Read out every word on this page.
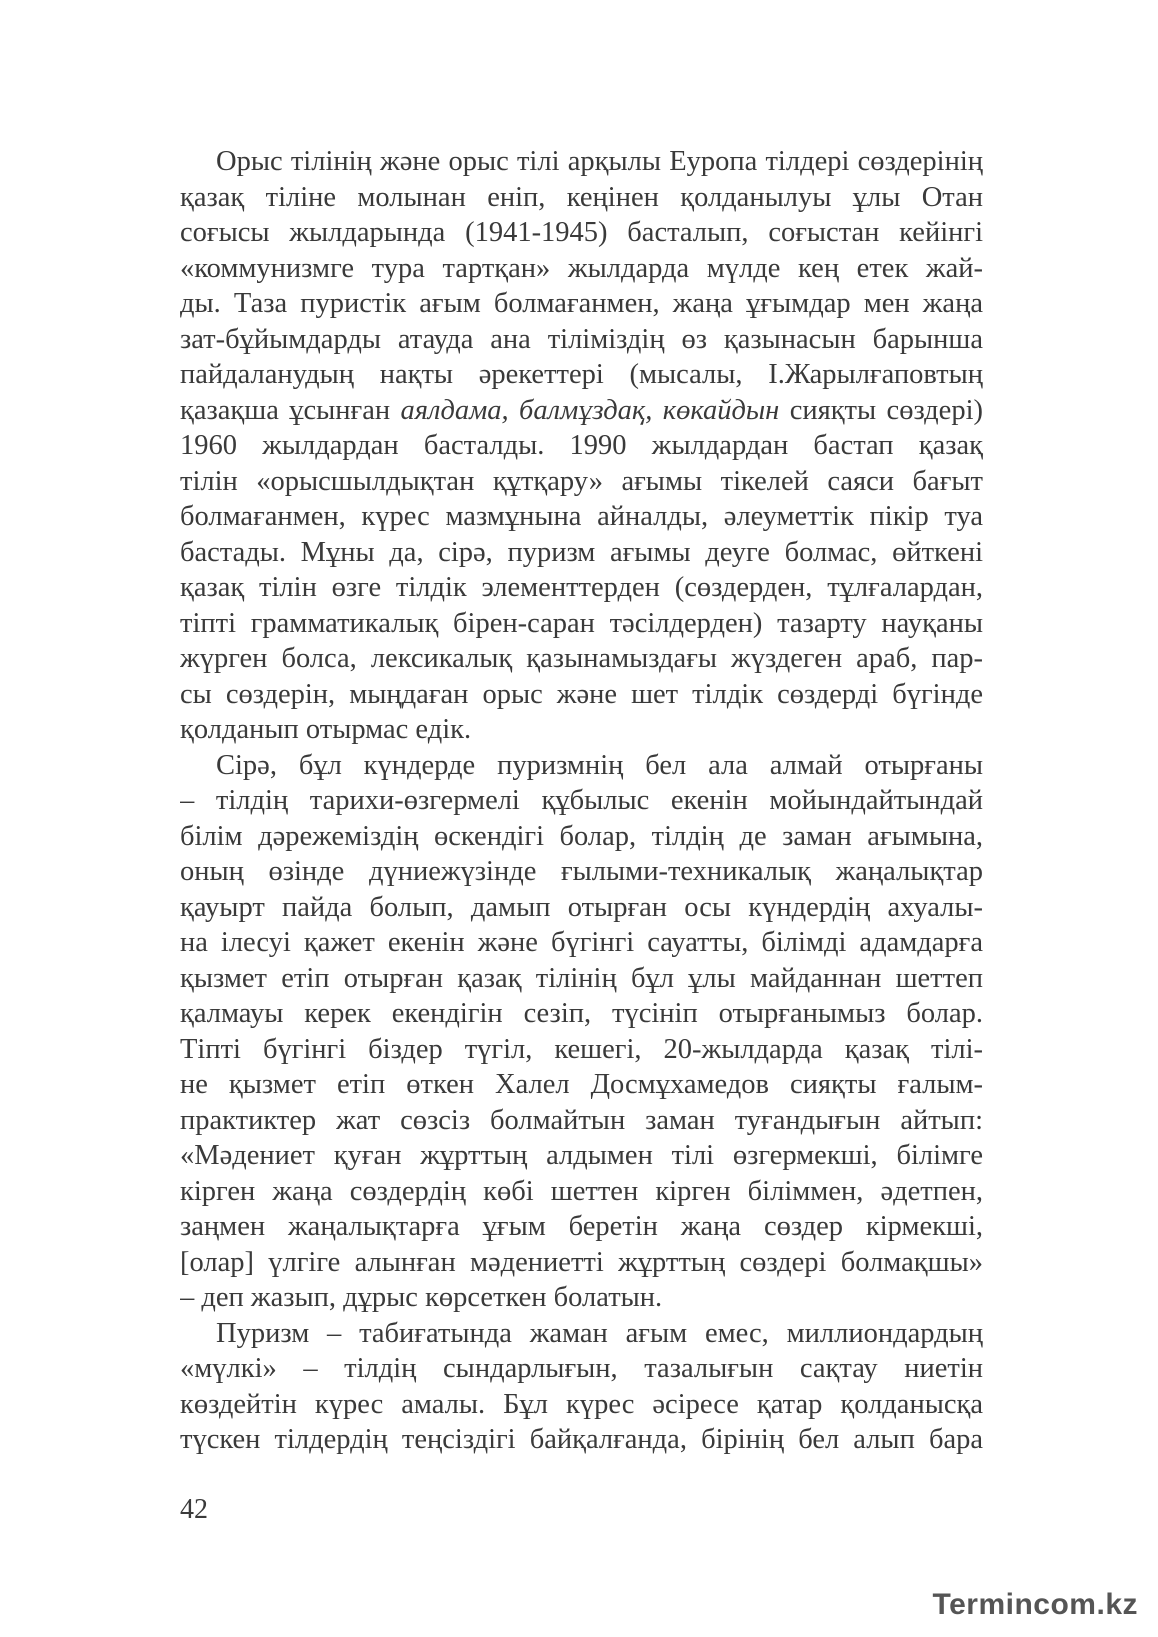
Орыс тілінің және орыс тілі арқылы Еуропа тілдері сөздерінің
қазақ тіліне молынан еніп, кеңінен қолданылуы ұлы Отан
соғысы жылдарында (1941-1945) басталып, соғыстан кейінгі
«коммунизмге тура тартқан» жылдарда мүлде кең етек жай-
ды. Таза пуристік ағым болмағанмен, жаңа ұғымдар мен жаңа
зат-бұйымдарды атауда ана тіліміздің өз қазынасын барынша
пайдаланудың нақты әрекеттері (мысалы, І.Жарылғаповтың
қазақша ұсынған аялдама, балмұздақ, көкайдын сияқты сөздері)
1960 жылдардан басталды. 1990 жылдардан бастап қазақ
тілін «орысшылдықтан құтқару» ағымы тікелей саяси бағыт
болмағанмен, күрес мазмұнына айналды, әлеуметтік пікір туа
бастады. Мұны да, сірә, пуризм ағымы деуге болмас, өйткені
қазақ тілін өзге тілдік элементтерден (сөздерден, тұлғалардан,
тіпті грамматикалық бірен-саран тәсілдерден) тазарту науқаны
жүрген болса, лексикалық қазынамыздағы жүздеген араб, пар-
сы сөздерін, мыңдаған орыс және шет тілдік сөздерді бүгінде
қолданып отырмас едік.
Сірә, бұл күндерде пуризмнің бел ала алмай отырғаны
– тілдің тарихи-өзгермелі құбылыс екенін мойындайтындай
білім дәрежеміздің өскендігі болар, тілдің де заман ағымына,
оның өзінде дүниежүзінде ғылыми-техникалық жаңалықтар
қауырт пайда болып, дамып отырған осы күндердің ахуалы-
на ілесуі қажет екенін және бүгінгі сауатты, білімді адамдарға
қызмет етіп отырған қазақ тілінің бұл ұлы майданнан шеттеп
қалмауы керек екендігін сезіп, түсініп отырғанымыз болар.
Тіпті бүгінгі біздер түгіл, кешегі, 20-жылдарда қазақ тілі-
не қызмет етіп өткен Халел Досмұхамедов сияқты ғалым-
практиктер жат сөзсіз болмайтын заман туғандығын айтып:
«Мәдениет қуған жұрттың алдымен тілі өзгермекші, білімге
кірген жаңа сөздердің көбі шеттен кірген біліммен, әдетпен,
заңмен жаңалықтарға ұғым беретін жаңа сөздер кірмекші,
[олар] үлгіге алынған мәдениетті жұрттың сөздері болмақшы»
– деп жазып, дұрыс көрсеткен болатын.
Пуризм – табиғатында жаман ағым емес, миллиондардың
«мүлкі» – тілдің сындарлығын, тазалығын сақтау ниетін
көздейтін күрес амалы. Бұл күрес әсіресе қатар қолданысқа
түскен тілдердің теңсіздігі байқалғанда, бірінің бел алып бара
42
Termincom.kz
